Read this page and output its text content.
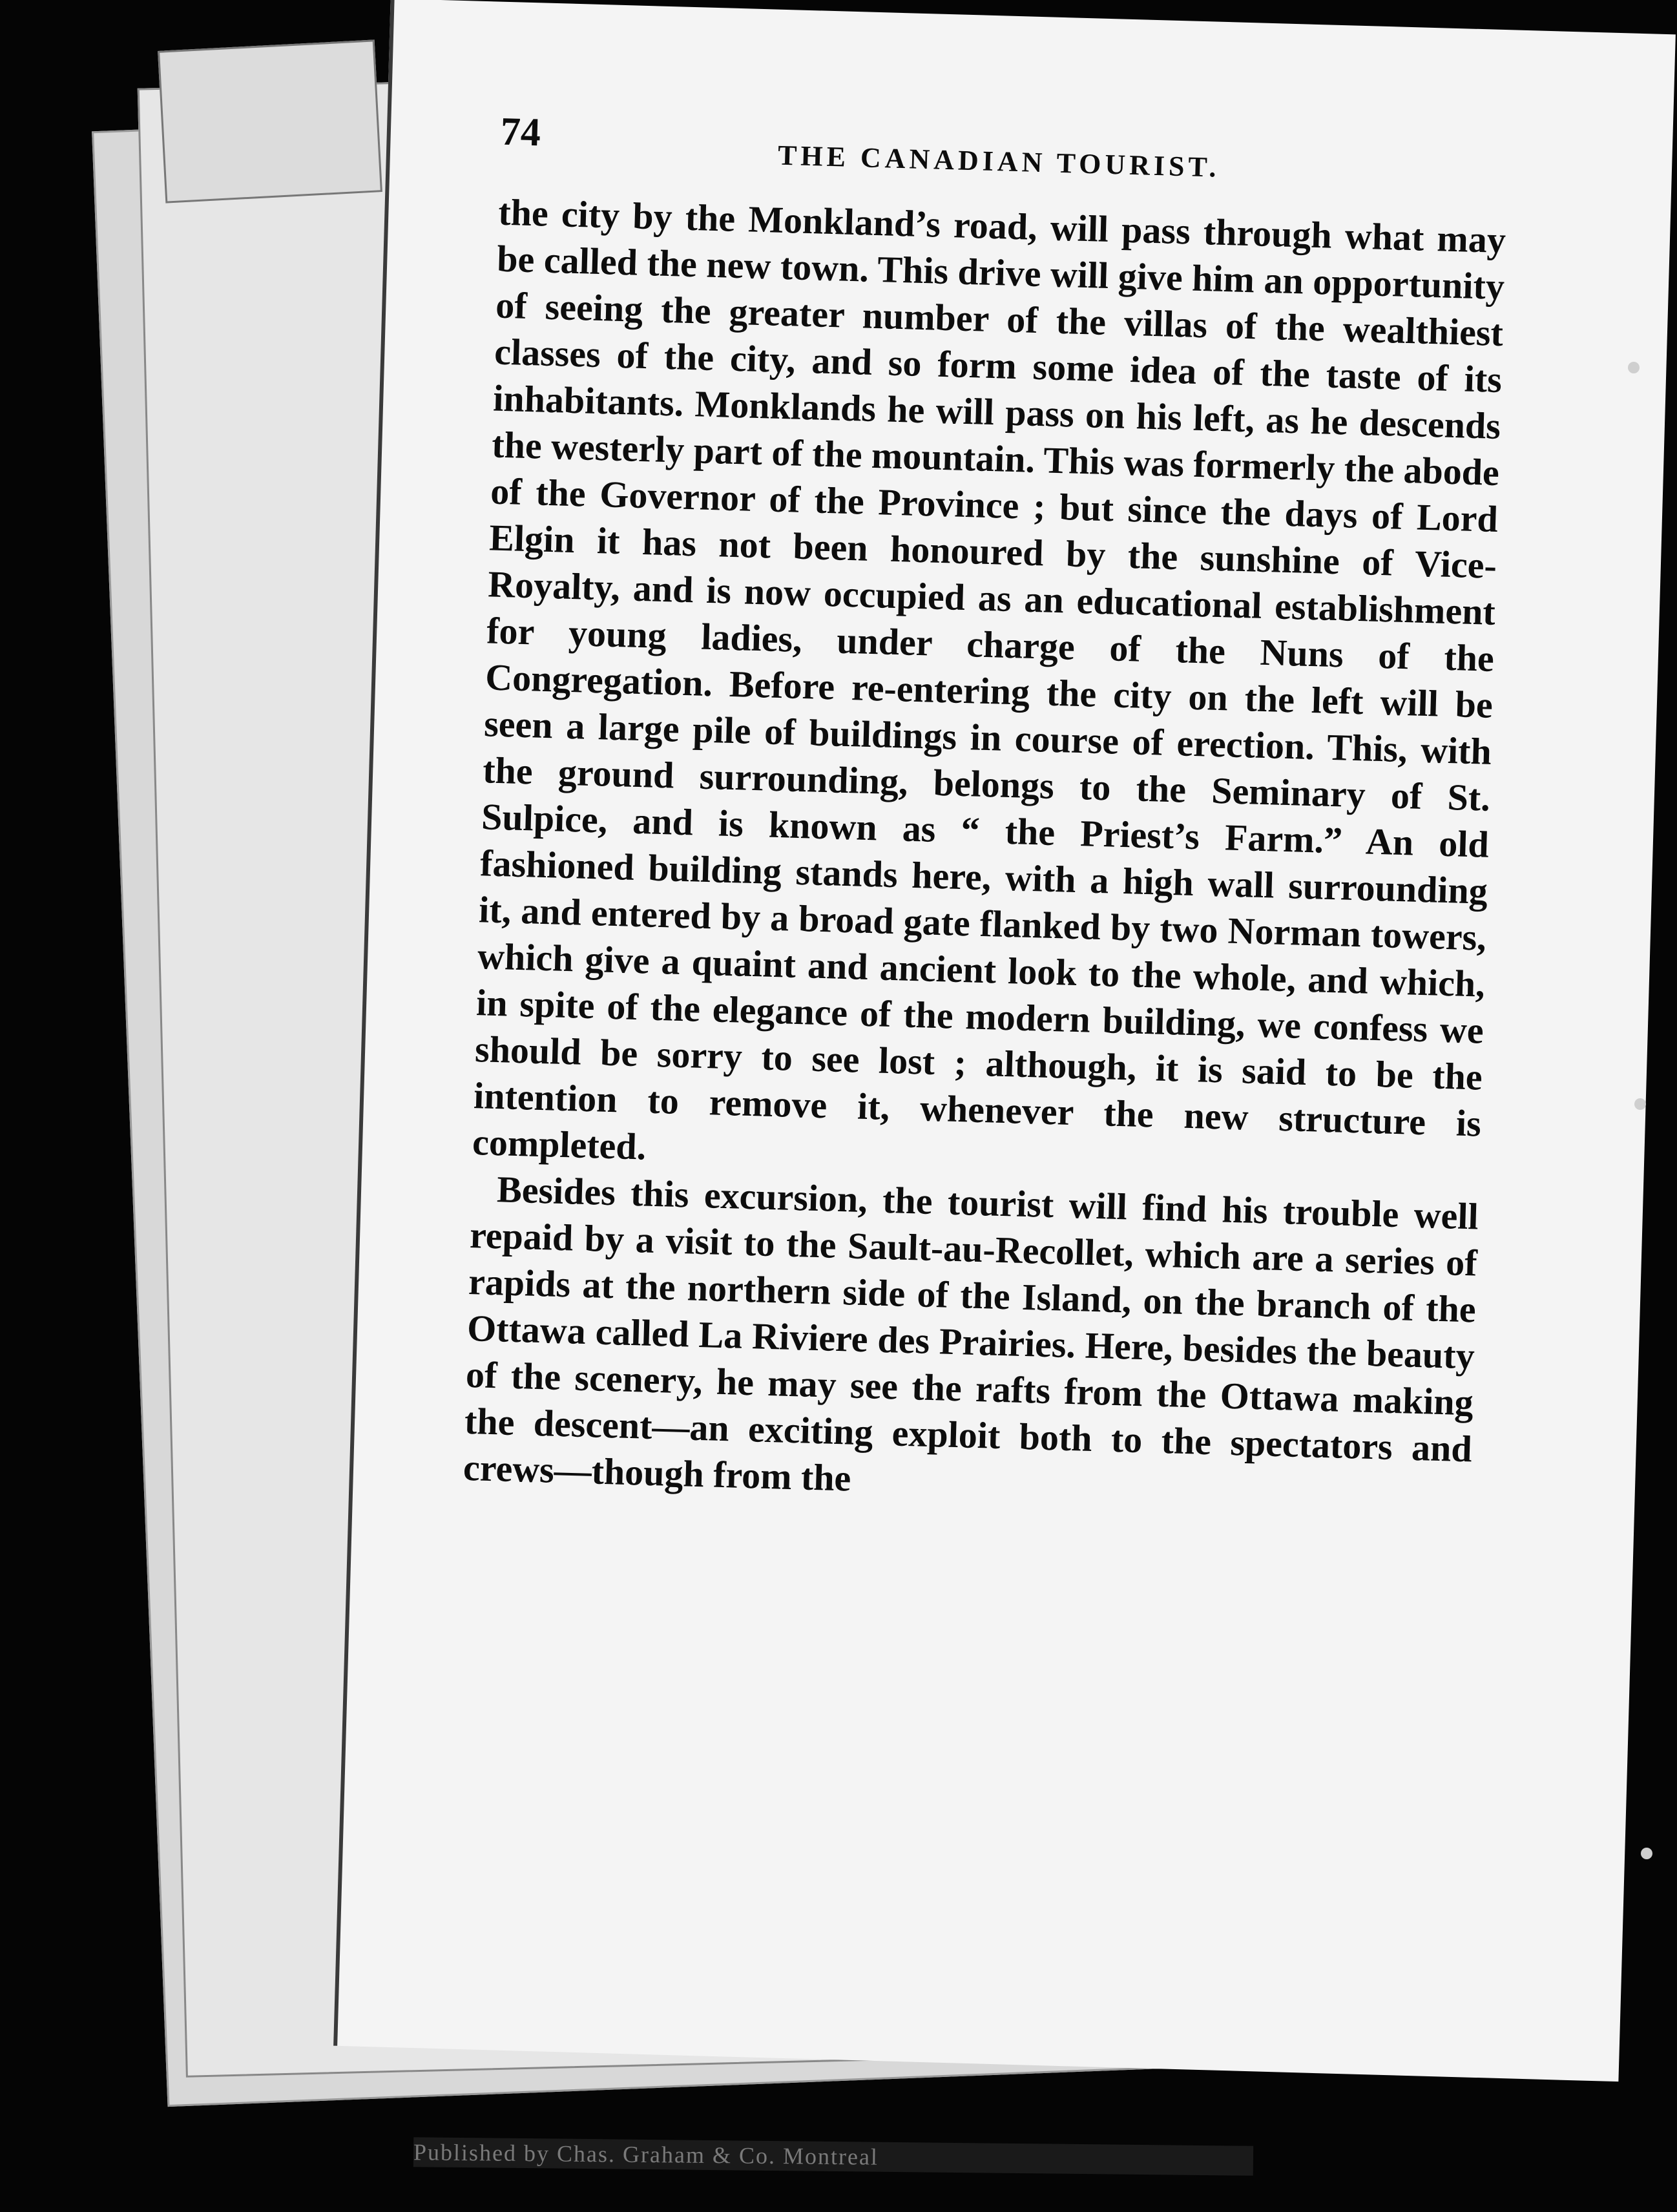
74
THE CANADIAN TOURIST.

the city by the Monkland’s road, will pass through what may be called the new town. This drive will give him an opportunity of seeing the greater number of the villas of the wealthiest classes of the city, and so form some idea of the taste of its inhabitants. Monklands he will pass on his left, as he descends the westerly part of the mountain. This was formerly the abode of the Governor of the Province ; but since the days of Lord Elgin it has not been honoured by the sunshine of Vice-Royalty, and is now occupied as an educational establishment for young ladies, under charge of the Nuns of the Congregation. Before re-entering the city on the left will be seen a large pile of buildings in course of erection. This, with the ground surrounding, belongs to the Seminary of St. Sulpice, and is known as “ the Priest’s Farm.” An old fashioned building stands here, with a high wall surrounding it, and entered by a broad gate flanked by two Norman towers, which give a quaint and ancient look to the whole, and which, in spite of the elegance of the modern building, we confess we should be sorry to see lost ; although, it is said to be the intention to remove it, whenever the new structure is completed.

Besides this excursion, the tourist will find his trouble well repaid by a visit to the Sault-au-Recollet, which are a series of rapids at the northern side of the Island, on the branch of the Ottawa called La Riviere des Prairies. Here, besides the beauty of the scenery, he may see the rafts from the Ottawa making the descent—an exciting exploit both to the spectators and crews—though from the

Published by Chas. Graham & Co. Montreal
